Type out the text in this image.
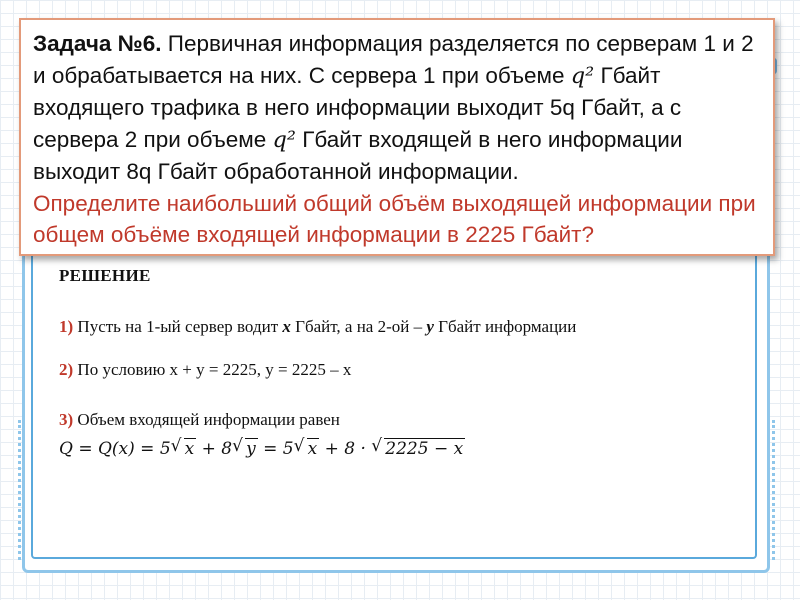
Задача №6. Первичная информация разделяется по серверам 1 и 2 и обрабатывается на них. С сервера 1 при объеме q² Гбайт входящего трафика в него информации выходит 5q Гбайт, а с сервера 2 при объеме q² Гбайт входящей в него информации выходит 8q Гбайт обработанной информации.
Определите наибольший общий объём выходящей информации при общем объёме входящей информации в 2225 Гбайт?
РЕШЕНИЕ
1) Пусть на 1-ый сервер водит x Гбайт, а на 2-ой – y Гбайт информации
2) По условию x + y = 2225, y = 2225 – x
3) Объем входящей информации равен
Q = Q(x) = 5 √ x + 8 √ y = 5 √ x + 8 · √ 2225 − x
